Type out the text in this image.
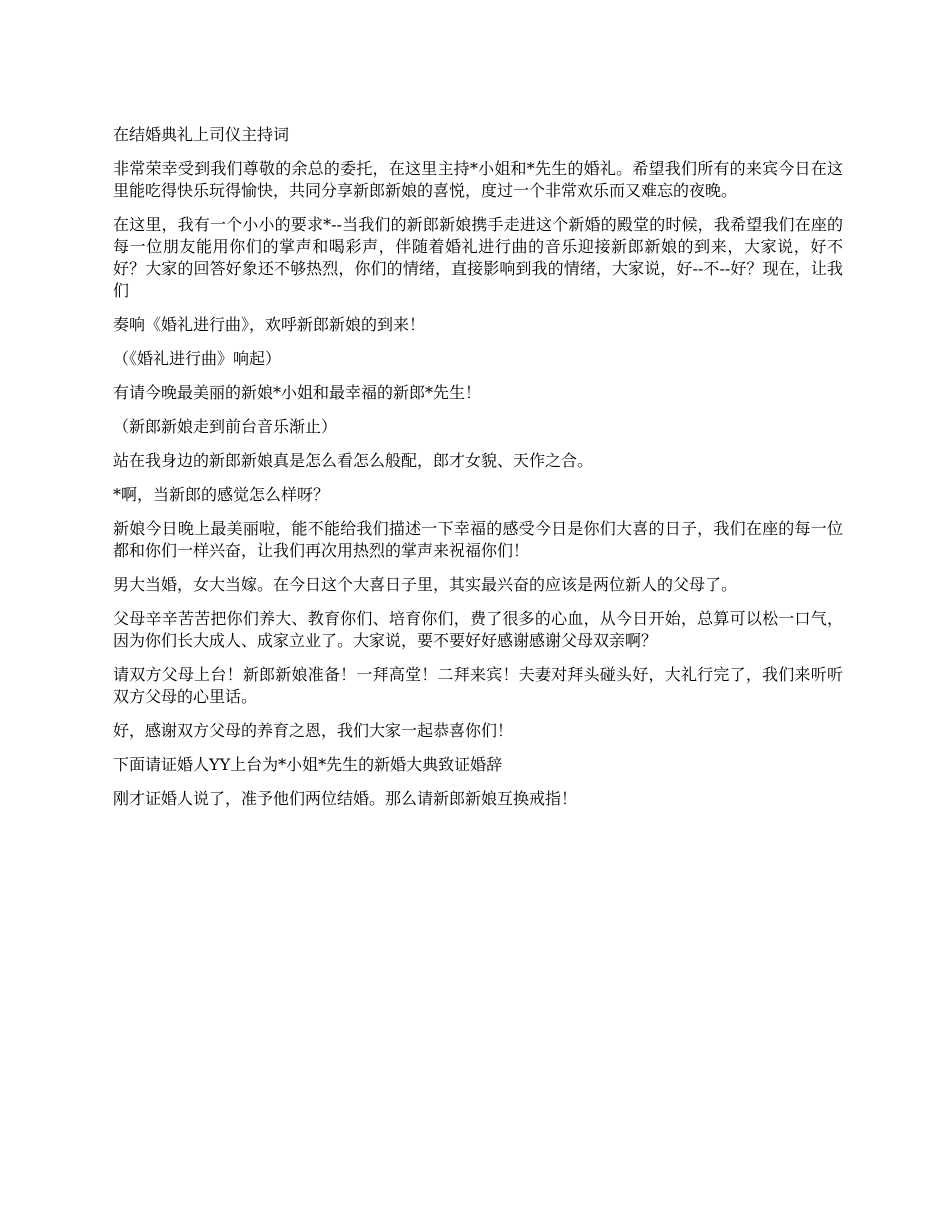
在结婚典礼上司仪主持词

非常荣幸受到我们尊敬的余总的委托，在这里主持*小姐和*先生的婚礼。希望我们所有的来宾今日在这里能吃得快乐玩得愉快，共同分享新郎新娘的喜悦，度过一个非常欢乐而又难忘的夜晚。

在这里，我有一个小小的要求*--当我们的新郎新娘携手走进这个新婚的殿堂的时候，我希望我们在座的每一位朋友能用你们的掌声和喝彩声，伴随着婚礼进行曲的音乐迎接新郎新娘的到来，大家说，好不好？大家的回答好象还不够热烈，你们的情绪，直接影响到我的情绪，大家说，好--不--好？现在，让我们

奏响《婚礼进行曲》，欢呼新郎新娘的到来！

（《婚礼进行曲》响起）

有请今晚最美丽的新娘*小姐和最幸福的新郎*先生！

（新郎新娘走到前台音乐渐止）

站在我身边的新郎新娘真是怎么看怎么般配，郎才女貌、天作之合。

*啊，当新郎的感觉怎么样呀？

新娘今日晚上最美丽啦，能不能给我们描述一下幸福的感受今日是你们大喜的日子，我们在座的每一位都和你们一样兴奋，让我们再次用热烈的掌声来祝福你们！

男大当婚，女大当嫁。在今日这个大喜日子里，其实最兴奋的应该是两位新人的父母了。

父母辛辛苦苦把你们养大、教育你们、培育你们，费了很多的心血，从今日开始，总算可以松一口气，因为你们长大成人、成家立业了。大家说，要不要好好感谢感谢父母双亲啊？

请双方父母上台！新郎新娘准备！一拜高堂！二拜来宾！夫妻对拜头碰头好，大礼行完了，我们来听听双方父母的心里话。

好，感谢双方父母的养育之恩，我们大家一起恭喜你们！

下面请证婚人YY上台为*小姐*先生的新婚大典致证婚辞

刚才证婚人说了，准予他们两位结婚。那么请新郎新娘互换戒指！
